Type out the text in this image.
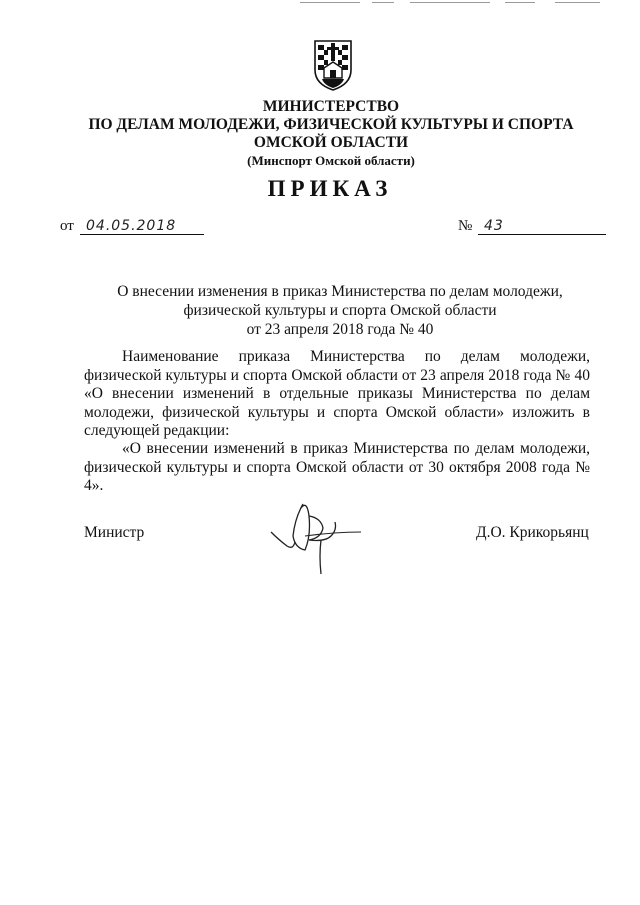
МИНИСТЕРСТВО
ПО ДЕЛАМ МОЛОДЕЖИ, ФИЗИЧЕСКОЙ КУЛЬТУРЫ И СПОРТА
ОМСКОЙ ОБЛАСТИ
(Минспорт Омской области)
ПРИКАЗ
от 04.05.2018	№ 43
О внесении изменения в приказ Министерства по делам молодежи,
физической культуры и спорта Омской области
от 23 апреля 2018 года № 40

Наименование приказа Министерства по делам молодежи, физической культуры и спорта Омской области от 23 апреля 2018 года № 40 «О внесении изменений в отдельные приказы Министерства по делам молодежи, физической культуры и спорта Омской области» изложить в следующей редакции:

«О внесении изменений в приказ Министерства по делам молодежи, физической культуры и спорта Омской области от 30 октября 2008 года № 4».

Министр	Д.О. Крикорьянц
